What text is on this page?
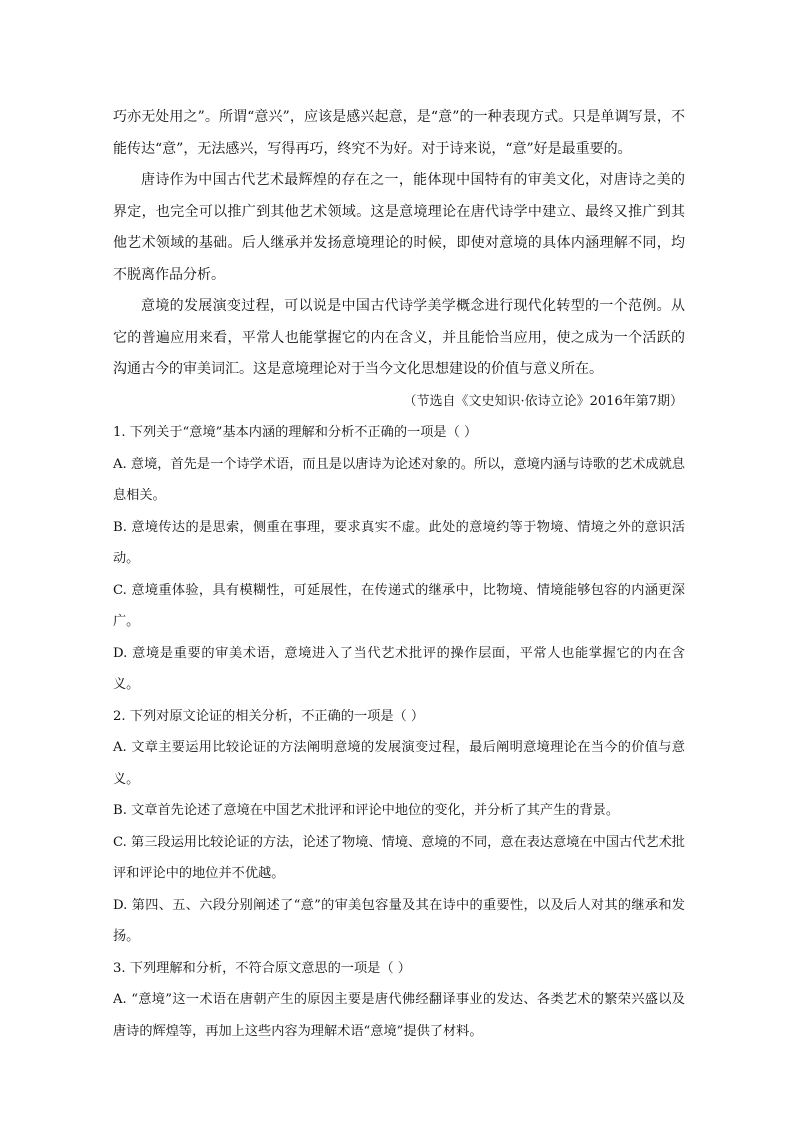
巧亦无处用之”。所谓“意兴”，应该是感兴起意，是“意”的一种表现方式。只是单调写景，不能传达“意”，无法感兴，写得再巧，终究不为好。对于诗来说，“意”好是最重要的。

唐诗作为中国古代艺术最辉煌的存在之一，能体现中国特有的审美文化，对唐诗之美的界定，也完全可以推广到其他艺术领域。这是意境理论在唐代诗学中建立、最终又推广到其他艺术领域的基础。后人继承并发扬意境理论的时候，即使对意境的具体内涵理解不同，均不脱离作品分析。

意境的发展演变过程，可以说是中国古代诗学美学概念进行现代化转型的一个范例。从它的普遍应用来看，平常人也能掌握它的内在含义，并且能恰当应用，使之成为一个活跃的沟通古今的审美词汇。这是意境理论对于当今文化思想建设的价值与意义所在。

（节选自《文史知识·依诗立论》2016年第7期）

1. 下列关于“意境”基本内涵的理解和分析不正确的一项是（ ）

A. 意境，首先是一个诗学术语，而且是以唐诗为论述对象的。所以，意境内涵与诗歌的艺术成就息息相关。

B. 意境传达的是思索，侧重在事理，要求真实不虚。此处的意境约等于物境、情境之外的意识活动。

C. 意境重体验，具有模糊性，可延展性，在传递式的继承中，比物境、情境能够包容的内涵更深广。

D. 意境是重要的审美术语，意境进入了当代艺术批评的操作层面，平常人也能掌握它的内在含义。

2. 下列对原文论证的相关分析，不正确的一项是（ ）

A. 文章主要运用比较论证的方法阐明意境的发展演变过程，最后阐明意境理论在当今的价值与意义。

B. 文章首先论述了意境在中国艺术批评和评论中地位的变化，并分析了其产生的背景。

C. 第三段运用比较论证的方法，论述了物境、情境、意境的不同，意在表达意境在中国古代艺术批评和评论中的地位并不优越。

D. 第四、五、六段分别阐述了“意”的审美包容量及其在诗中的重要性，以及后人对其的继承和发扬。

3. 下列理解和分析，不符合原文意思的一项是（ ）

A. “意境”这一术语在唐朝产生的原因主要是唐代佛经翻译事业的发达、各类艺术的繁荣兴盛以及唐诗的辉煌等，再加上这些内容为理解术语“意境”提供了材料。
